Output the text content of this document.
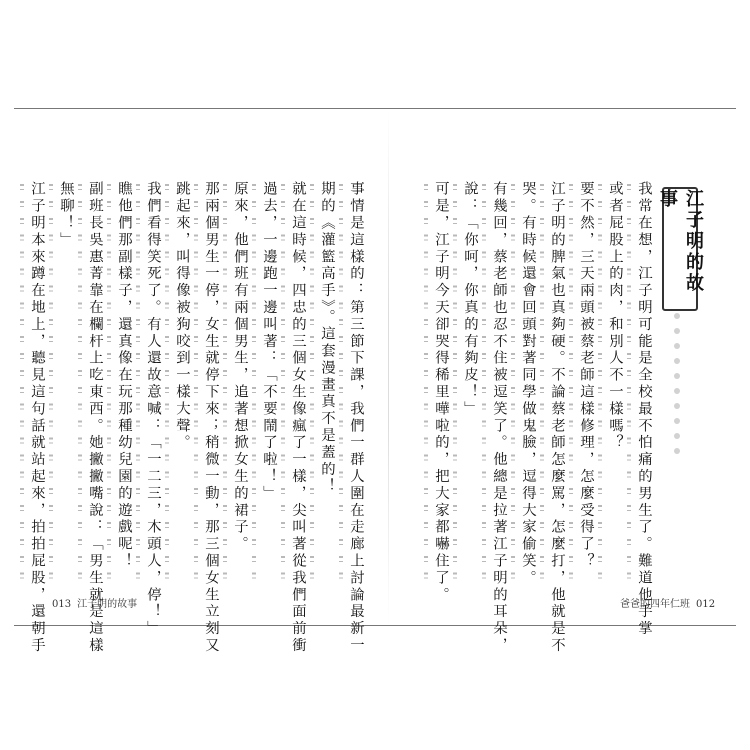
江子明的故事
我常在想，江子明可能是全校最不怕痛的男生了。難道他手掌
或者屁股上的肉，和別人不一樣嗎？
要不然，三天兩頭被蔡老師這樣修理，怎麼受得了？
江子明的脾氣也真夠硬。不論蔡老師怎麼罵，怎麼打，他就是不
哭。有時候還會回頭對著同學做鬼臉，逗得大家偷笑。
有幾回，蔡老師也忍不住被逗笑了。他總是拉著江子明的耳朵，
說：「你呵，你真的有夠皮！」
可是，江子明今天卻哭得稀里嘩啦的，把大家都嚇住了。
事情是這樣的：第三節下課，我們一群人圍在走廊上討論最新一
期的《灌籃高手》。這套漫畫真不是蓋的！
就在這時候，四忠的三個女生像瘋了一樣，尖叫著從我們面前衝
過去，一邊跑一邊叫著：「不要鬧了啦！」
原來，他們班有兩個男生，追著想掀女生的裙子。
那兩個男生一停，女生就停下來；稍微一動，那三個女生立刻又
跳起來，叫得像被狗咬到一樣大聲。
我們看得笑死了。有人還故意喊：「一二三，木頭人，停！」
瞧他們那副樣子，還真像在玩那種幼兒園的遊戲呢！
副班長吳惠菁靠在欄杆上吃東西。她撇撇嘴說：「男生就是這樣
無聊！」
江子明本來蹲在地上，聽見這句話就站起來，拍拍屁股，還朝手 013 江子明的故事	爸爸的四年仁班 012
